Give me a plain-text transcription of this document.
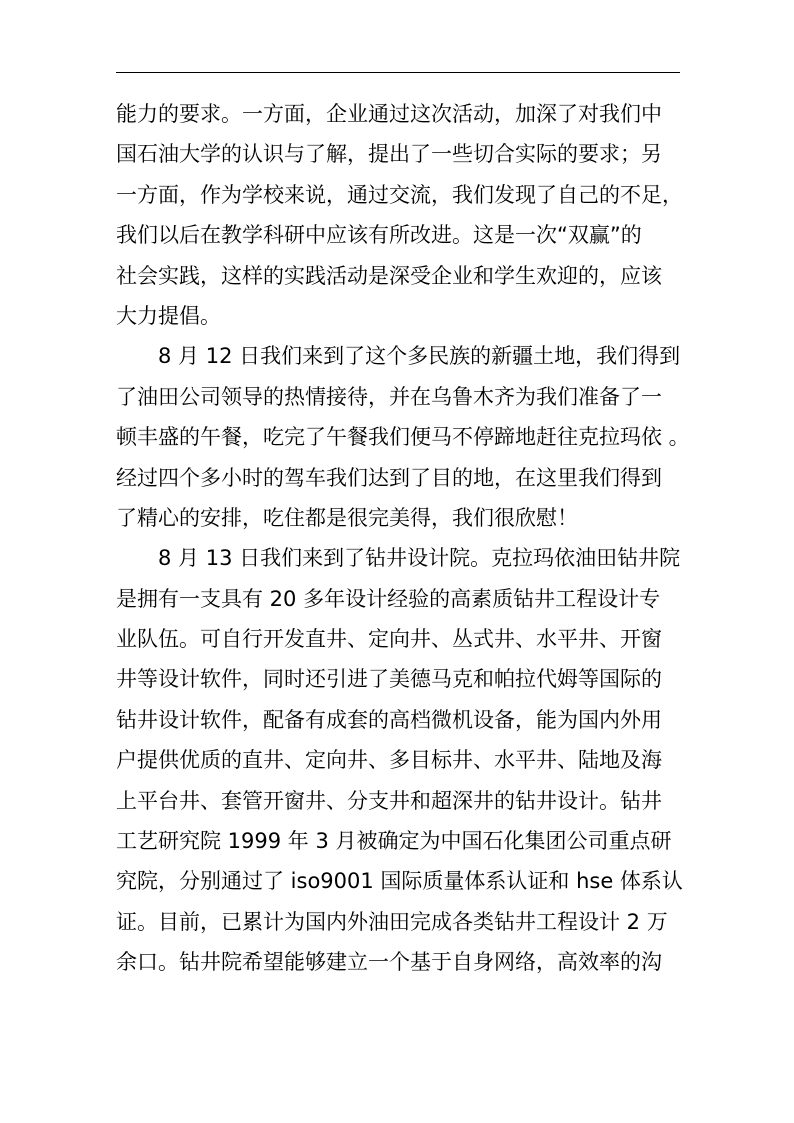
能力的要求。一方面，企业通过这次活动，加深了对我们中
国石油大学的认识与了解，提出了一些切合实际的要求；另
一方面，作为学校来说，通过交流，我们发现了自己的不足，
我们以后在教学科研中应该有所改进。这是一次“双赢”的
社会实践，这样的实践活动是深受企业和学生欢迎的，应该
大力提倡。
8 月 12 日我们来到了这个多民族的新疆土地，我们得到
了油田公司领导的热情接待，并在乌鲁木齐为我们准备了一
顿丰盛的午餐，吃完了午餐我们便马不停蹄地赶往克拉玛依 。
经过四个多小时的驾车我们达到了目的地，在这里我们得到
了精心的安排，吃住都是很完美得，我们很欣慰！
8 月 13 日我们来到了钻井设计院。克拉玛依油田钻井院
是拥有一支具有 20 多年设计经验的高素质钻井工程设计专
业队伍。可自行开发直井、定向井、丛式井、水平井、开窗
井等设计软件，同时还引进了美德马克和帕拉代姆等国际的
钻井设计软件，配备有成套的高档微机设备，能为国内外用
户提供优质的直井、定向井、多目标井、水平井、陆地及海
上平台井、套管开窗井、分支井和超深井的钻井设计。钻井
工艺研究院 1999 年 3 月被确定为中国石化集团公司重点研
究院，分别通过了 iso9001 国际质量体系认证和 hse 体系认
证。目前，已累计为国内外油田完成各类钻井工程设计 2 万
余口。钻井院希望能够建立一个基于自身网络，高效率的沟
